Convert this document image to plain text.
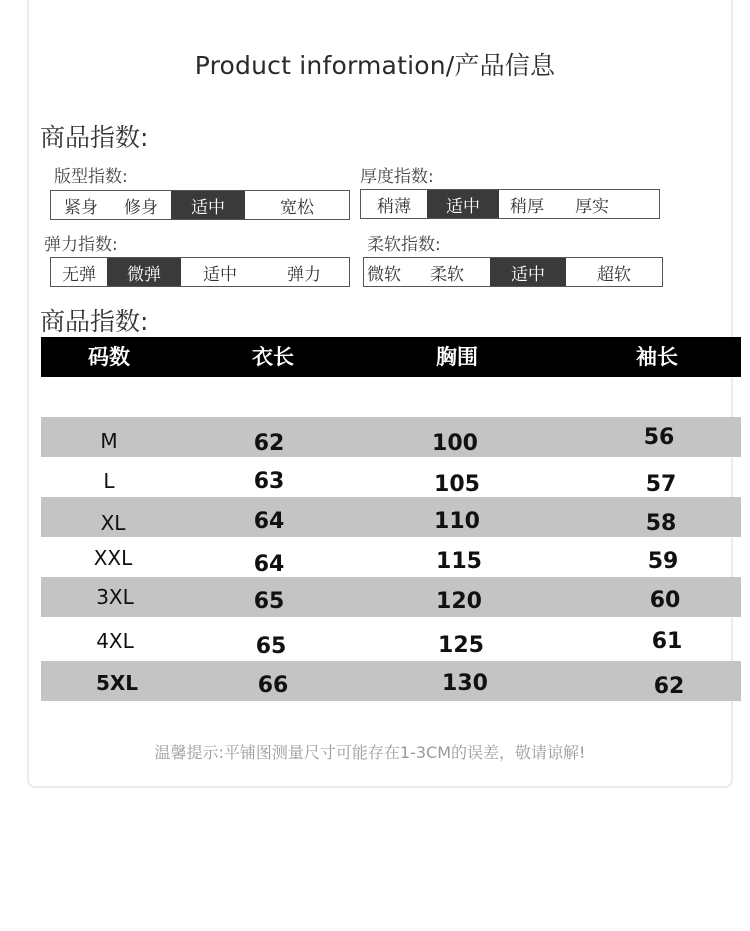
Product information/产品信息
商品指数:
版型指数:
紧身	修身	适中	宽松
厚度指数:
稍薄	适中	稍厚	厚实
弹力指数:
无弹	微弹	适中	弹力
柔软指数:
微软	柔软	适中	超软
商品指数:
码数	衣长	胸围	袖长
M	62	100	56
L	63	105	57
XL	64	110	58
XXL	64	115	59
3XL	65	120	60
4XL	65	125	61
5XL	66	130	62
温馨提示:平铺图测量尺寸可能存在1-3CM的误差，敬请谅解!
